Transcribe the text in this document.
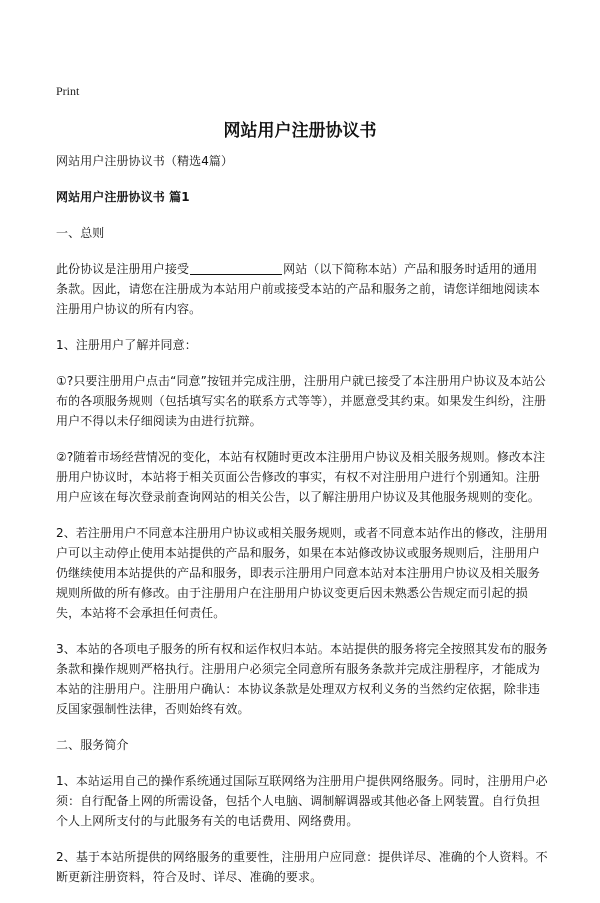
Print
网站用户注册协议书

网站用户注册协议书（精选4篇）

网站用户注册协议书 篇1

一、总则

此份协议是注册用户接受	网站（以下简称本站）产品和服务时适用的通用条款。因此，请您在注册成为本站用户前或接受本站的产品和服务之前，请您详细地阅读本注册用户协议的所有内容。

1、注册用户了解并同意：

①?只要注册用户点击“同意”按钮并完成注册，注册用户就已接受了本注册用户协议及本站公布的各项服务规则（包括填写实名的联系方式等等），并愿意受其约束。如果发生纠纷，注册用户不得以未仔细阅读为由进行抗辩。

②?随着市场经营情况的变化，本站有权随时更改本注册用户协议及相关服务规则。修改本注册用户协议时，本站将于相关页面公告修改的事实，有权不对注册用户进行个别通知。注册用户应该在每次登录前查询网站的相关公告，以了解注册用户协议及其他服务规则的变化。

2、若注册用户不同意本注册用户协议或相关服务规则，或者不同意本站作出的修改，注册用户可以主动停止使用本站提供的产品和服务，如果在本站修改协议或服务规则后，注册用户仍继续使用本站提供的产品和服务，即表示注册用户同意本站对本注册用户协议及相关服务规则所做的所有修改。由于注册用户在注册用户协议变更后因未熟悉公告规定而引起的损失，本站将不会承担任何责任。

3、本站的各项电子服务的所有权和运作权归本站。本站提供的服务将完全按照其发布的服务条款和操作规则严格执行。注册用户必须完全同意所有服务条款并完成注册程序，才能成为本站的注册用户。注册用户确认：本协议条款是处理双方权利义务的当然约定依据，除非违反国家强制性法律，否则始终有效。

二、服务简介

1、本站运用自己的操作系统通过国际互联网络为注册用户提供网络服务。同时，注册用户必须：自行配备上网的所需设备，包括个人电脑、调制解调器或其他必备上网装置。自行负担个人上网所支付的与此服务有关的电话费用、网络费用。

2、基于本站所提供的网络服务的重要性，注册用户应同意：提供详尽、准确的个人资料。不断更新注册资料，符合及时、详尽、准确的要求。
